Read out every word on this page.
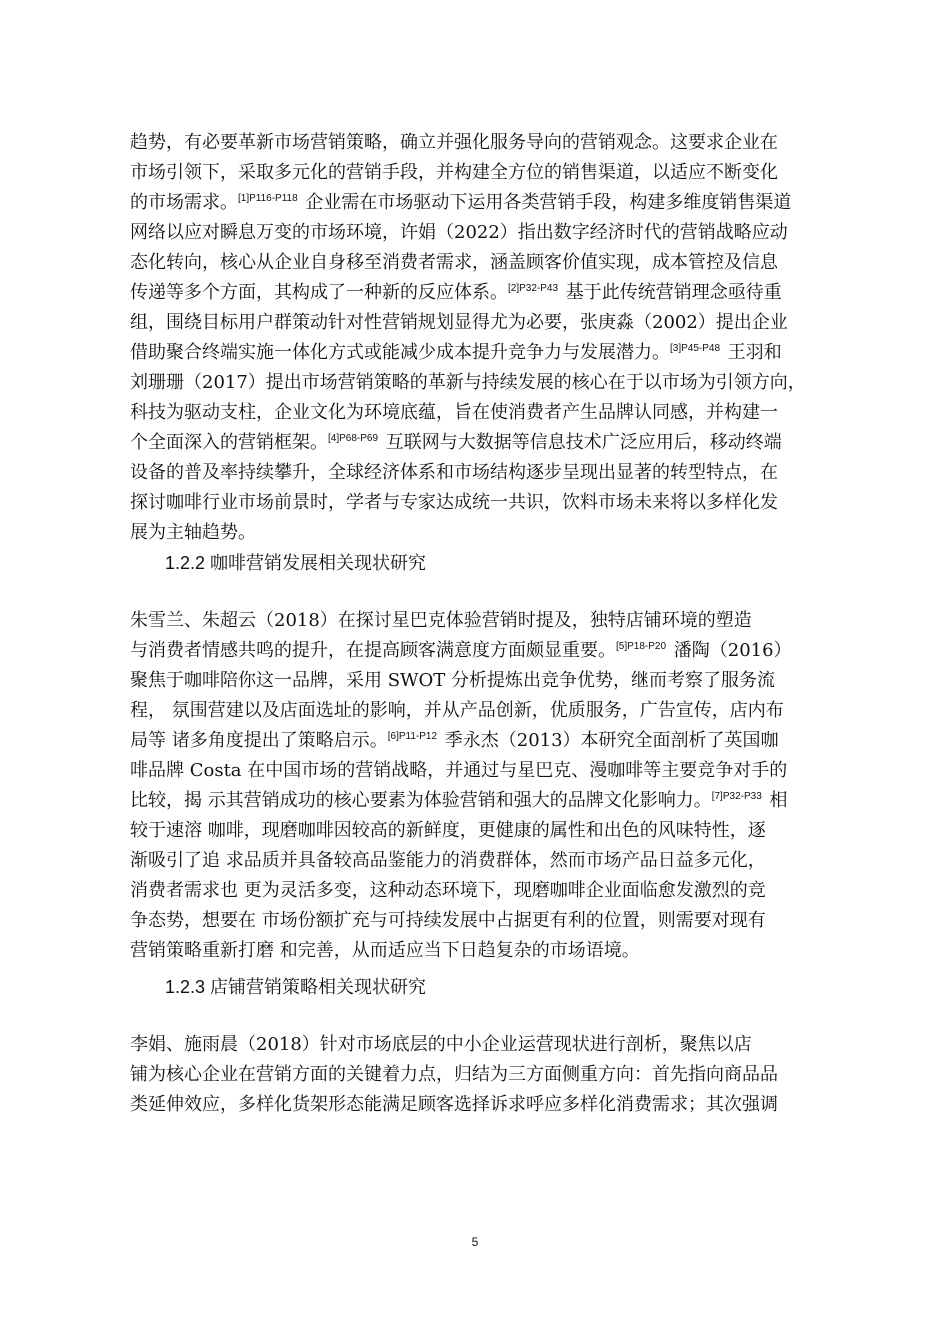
趋势，有必要革新市场营销策略，确立并强化服务导向的营销观念。这要求企业在
市场引领下，采取多元化的营销手段，并构建全方位的销售渠道，以适应不断变化
的市场需求。$^{[1]P116-P118}$ 企业需在市场驱动下运用各类营销手段，构建多维度销售渠道
网络以应对瞬息万变的市场环境，许娟（2022）指出数字经济时代的营销战略应动
态化转向，核心从企业自身移至消费者需求，涵盖顾客价值实现，成本管控及信息
传递等多个方面，其构成了一种新的反应体系。$^{[2]P32-P43}$ 基于此传统营销理念亟待重
组，围绕目标用户群策动针对性营销规划显得尤为必要，张庚淼（2002）提出企业
借助聚合终端实施一体化方式或能减少成本提升竞争力与发展潜力。$^{[3]P45-P48}$ 王羽和
刘珊珊（2017）提出市场营销策略的革新与持续发展的核心在于以市场为引领方向，
科技为驱动支柱，企业文化为环境底蕴，旨在使消费者产生品牌认同感，并构建一
个全面深入的营销框架。$^{[4]P68-P69}$ 互联网与大数据等信息技术广泛应用后，移动终端
设备的普及率持续攀升，全球经济体系和市场结构逐步呈现出显著的转型特点，在
探讨咖啡行业市场前景时，学者与专家达成统一共识，饮料市场未来将以多样化发
展为主轴趋势。
1.2.2 咖啡营销发展相关现状研究
朱雪兰、朱超云（2018）在探讨星巴克体验营销时提及，独特店铺环境的塑造
与消费者情感共鸣的提升，在提高顾客满意度方面颇显重要。$^{[5]P18-P20}$ 潘陶（2016）
聚焦于咖啡陪你这一品牌，采用 SWOT 分析提炼出竞争优势，继而考察了服务流
程， 氛围营建以及店面选址的影响，并从产品创新，优质服务，广告宣传，店内布
局等 诸多角度提出了策略启示。$^{[6]P11-P12}$ 季永杰（2013）本研究全面剖析了英国咖
啡品牌 Costa 在中国市场的营销战略，并通过与星巴克、漫咖啡等主要竞争对手的
比较，揭 示其营销成功的核心要素为体验营销和强大的品牌文化影响力。$^{[7]P32-P33}$ 相
较于速溶 咖啡，现磨咖啡因较高的新鲜度，更健康的属性和出色的风味特性，逐
渐吸引了追 求品质并具备较高品鉴能力的消费群体，然而市场产品日益多元化，
消费者需求也 更为灵活多变，这种动态环境下，现磨咖啡企业面临愈发激烈的竞
争态势，想要在 市场份额扩充与可持续发展中占据更有利的位置，则需要对现有
营销策略重新打磨 和完善，从而适应当下日趋复杂的市场语境。
1.2.3 店铺营销策略相关现状研究
李娟、施雨晨（2018）针对市场底层的中小企业运营现状进行剖析，聚焦以店
铺为核心企业在营销方面的关键着力点，归结为三方面侧重方向：首先指向商品品
类延伸效应，多样化货架形态能满足顾客选择诉求呼应多样化消费需求；其次强调
5
